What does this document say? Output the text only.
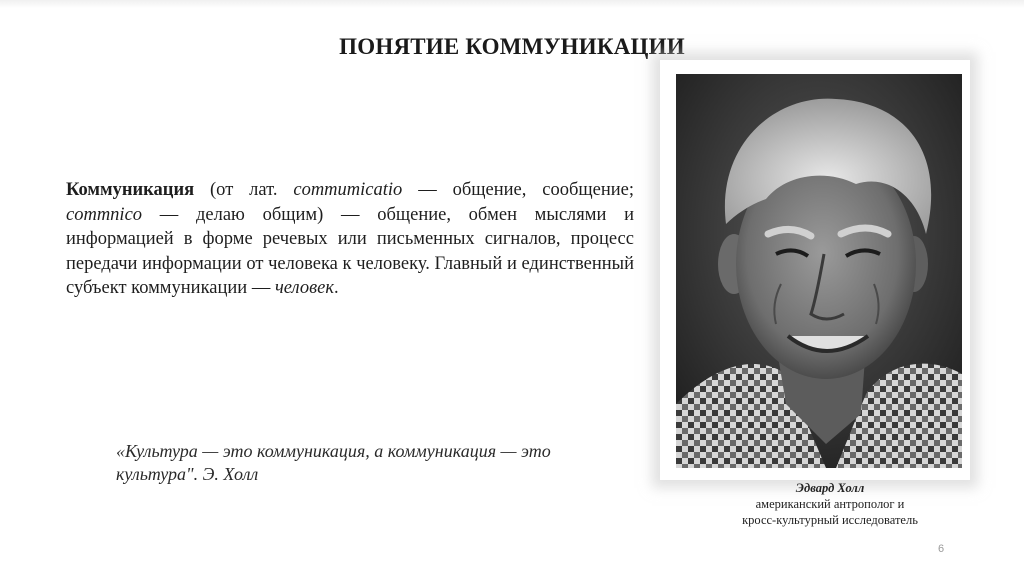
ПОНЯТИЕ КОММУНИКАЦИИ
Коммуникация (от лат. commumicatio — общение, сообщение; commnico — делаю общим) — общение, обмен мыслями и информацией в форме речевых или письменных сигналов, процесс передачи информации от человека к человеку. Главный и единственный субъект коммуникации — человек.
«Культура — это коммуникация, а коммуникация — это культура". Э. Холл
Эдвард Холл
американский антрополог и
кросс-культурный исследователь
6
